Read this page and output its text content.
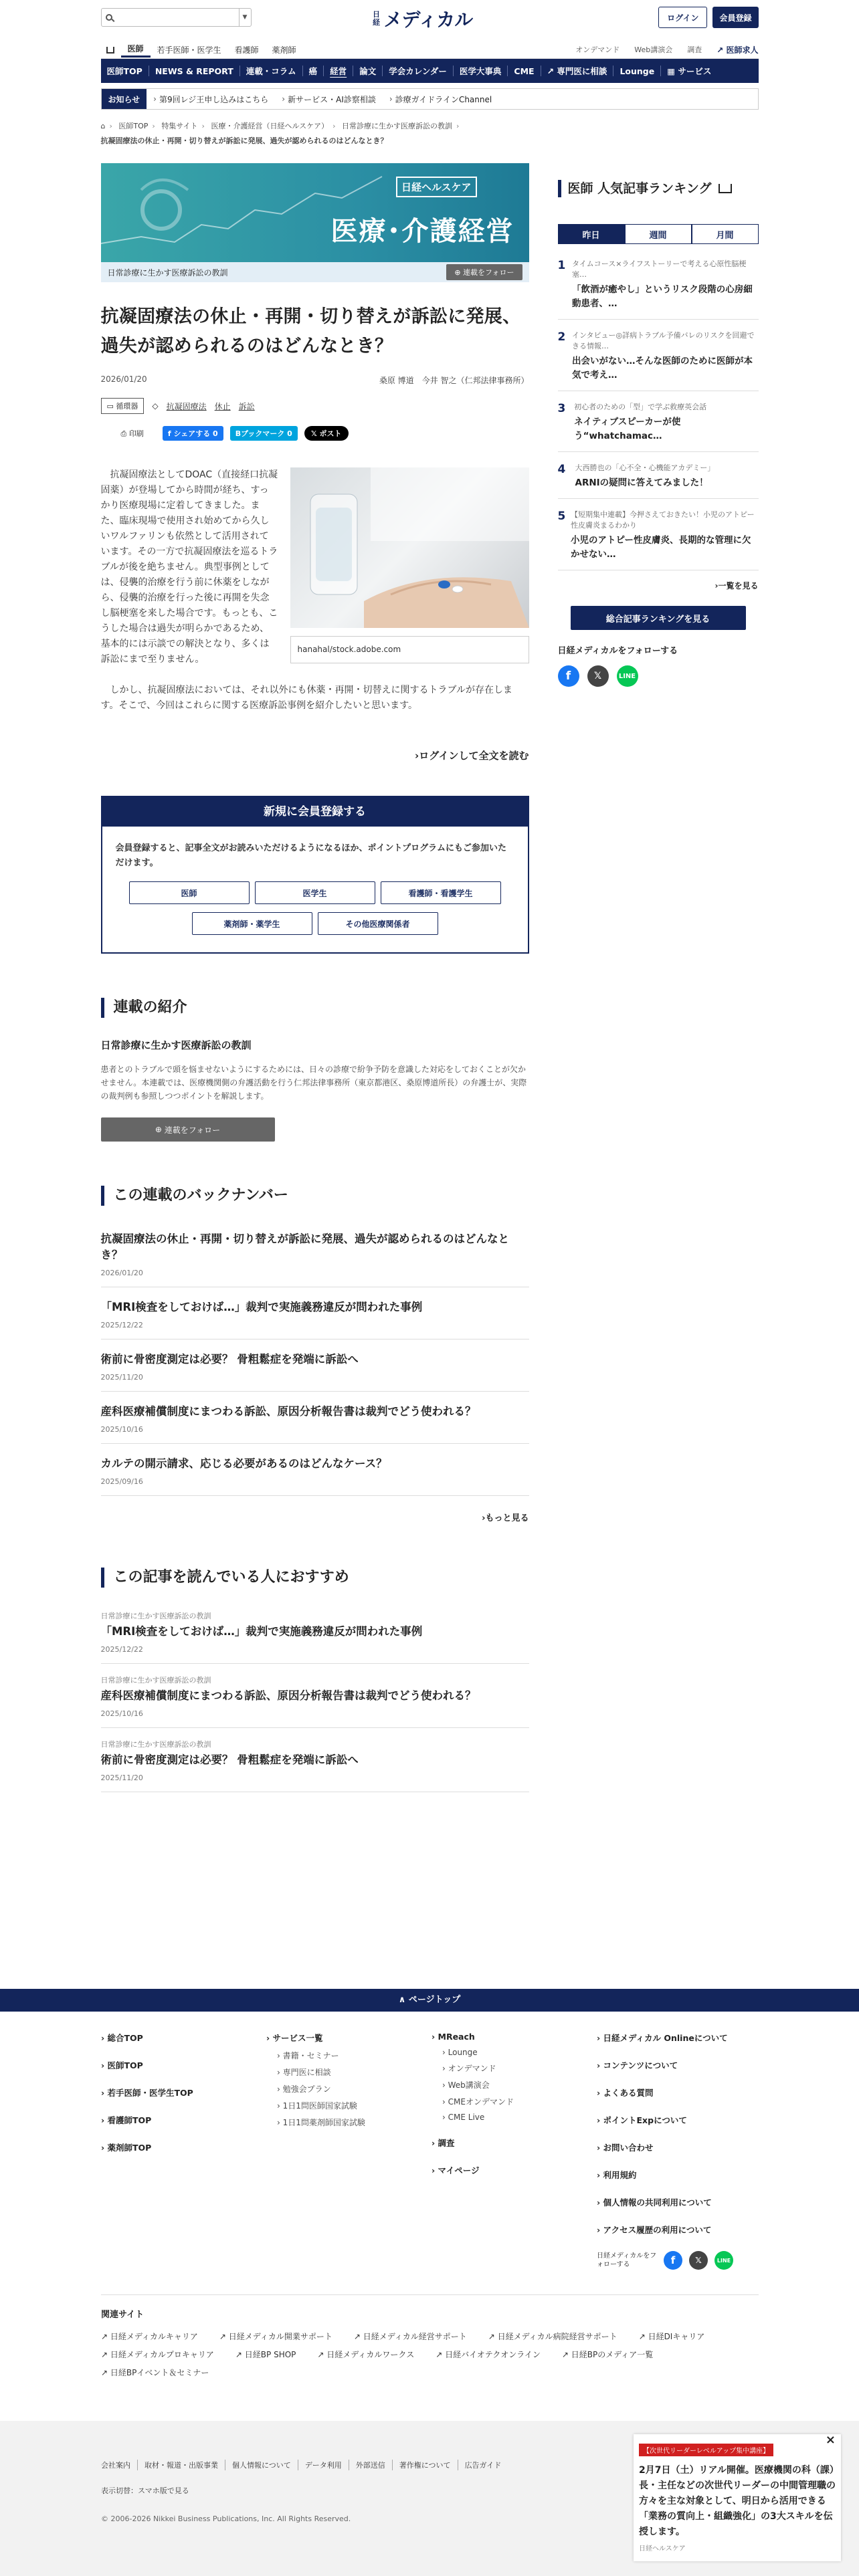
▼	日経 メディカル	ログイン	会員登録
医師	若手医師・医学生	看護師	薬剤師	オンデマンド Web講演会 調査 ↗ 医師求人
医師TOP	NEWS & REPORT	連載・コラム	癌	経営	論文	学会カレンダー	医学大事典	CME	↗ 専門医に相談	Lounge	▦ サービス
お知らせ	› 第9回レジ王申し込みはこちら › 新サービス・AI診察相談 › 診療ガイドラインChannel
⌂ › 医師TOP › 特集サイト › 医療・介護経営（日経ヘルスケア） › 日常診療に生かす医療訴訟の教訓 ›
抗凝固療法の休止・再開・切り替えが訴訟に発展、過失が認められるのはどんなとき？
日経ヘルスケア
医療･介護経営
日常診療に生かす医療訴訟の教訓	⊕ 連載をフォロー
抗凝固療法の休止・再開・切り替えが訴訟に発展、過失が認められるのはどんなとき？
2026/01/20	桑原 博道　今井 智之（仁邦法律事務所）
▭ 循環器	◇ 抗凝固療法 休止 訴訟
⎙ 印刷	f シェアする 0	Bブックマーク 0	𝕏 ポスト
hanahal/stock.adobe.com

抗凝固療法としてDOAC（直接経口抗凝固薬）が登場してから時間が経ち、すっかり医療現場に定着してきました。また、臨床現場で使用され始めてから久しいワルファリンも依然として活用されています。その一方で抗凝固療法を巡るトラブルが後を絶ちません。典型事例としては、侵襲的治療を行う前に休薬をしながら、侵襲的治療を行った後に再開を失念し脳梗塞を来した場合です。もっとも、こうした場合は過失が明らかであるため、基本的には示談での解決となり、多くは訴訟にまで至りません。

しかし、抗凝固療法においては、それ以外にも休薬・再開・切替えに関するトラブルが存在します。そこで、今回はこれらに関する医療訴訟事例を紹介したいと思います。

›ログインして全文を読む
新規に会員登録する
会員登録すると、記事全文がお読みいただけるようになるほか、ポイントプログラムにもご参加いただけます。
医師	医学生	看護師・看護学生
薬剤師・薬学生	その他医療関係者
連載の紹介
日常診療に生かす医療訴訟の教訓
患者とのトラブルで頭を悩ませないようにするためには、日々の診療で紛争予防を意識した対応をしておくことが欠かせません。本連載では、医療機関側の弁護活動を行う仁邦法律事務所（東京都港区、桑原博道所長）の弁護士が、実際の裁判例も参照しつつポイントを解説します。
⊕
連載をフォロー
この連載のバックナンバー
抗凝固療法の休止・再開・切り替えが訴訟に発展、過失が認められるのはどんなとき？
2026/01/20
「MRI検査をしておけば…」裁判で実施義務違反が問われた事例
2025/12/22
術前に骨密度測定は必要？ 骨粗鬆症を発端に訴訟へ
2025/11/20
産科医療補償制度にまつわる訴訟、原因分析報告書は裁判でどう使われる？
2025/10/16
カルテの開示請求、応じる必要があるのはどんなケース？
2025/09/16
›もっと見る
この記事を読んでいる人におすすめ
日常診療に生かす医療訴訟の教訓
「MRI検査をしておけば…」裁判で実施義務違反が問われた事例
2025/12/22
日常診療に生かす医療訴訟の教訓
産科医療補償制度にまつわる訴訟、原因分析報告書は裁判でどう使われる？
2025/10/16
日常診療に生かす医療訴訟の教訓
術前に骨密度測定は必要？ 骨粗鬆症を発端に訴訟へ
2025/11/20
医師 人気記事ランキング
昨日	週間	月間
1 タイムコース×ライフストーリーで考える心原性脳梗塞…
「飲酒が癒やし」というリスク段階の心房細動患者、…
2 インタビュー◎詳病トラブル予備バレのリスクを回避できる情報…
出会いがない…そんな医師のために医師が本気で考え…
3	初心者のための「型」で学ぶ救療英会話
ネイティブスピーカーが使う“whatchamac…
4	大西勝也の「心不全・心機能アカデミー」
ARNIの疑問に答えてみました！
5 【短期集中連載】今押さえておきたい！小児のアトピー性皮膚炎まるわかり
小児のアトピー性皮膚炎、長期的な管理に欠かせない…
›一覧を見る
総合記事ランキングを見る
日経メディカルをフォローする
f	𝕏	LINE
∧ ページトップ
› 総合TOP
› 医師TOP
› 若手医師・医学生TOP
› 看護師TOP
› 薬剤師TOP
› サービス一覧
› 書籍・セミナー
› 専門医に相談
› 勉強会プラン
› 1日1問医師国家試験
› 1日1問薬剤師国家試験
› MReach
› Lounge
› オンデマンド
› Web講演会
› CMEオンデマンド
› CME Live
› 調査
› マイページ
› 日経メディカル Onlineについて
› コンテンツについて
› よくある質問
› ポイントExpについて
› お問い合わせ
› 利用規約
› 個人情報の共同利用について
› アクセス履歴の利用について
日経メディカルをフォローする	f	𝕏	LINE
関連サイト
↗ 日経メディカルキャリア	↗ 日経メディカル開業サポート	↗ 日経メディカル経営サポート	↗ 日経メディカル病院経営サポート	↗ 日経DIキャリア
↗ 日経メディカルプロキャリア	↗ 日経BP SHOP	↗ 日経メディカルワークス	↗ 日経バイオテクオンライン	↗ 日経BPのメディア一覧
↗ 日経BPイベント＆セミナー
会社案内	取材・報道・出版事業	個人情報について	データ利用	外部送信	著作権について	広告ガイド
表示切替：スマホ版で見る
© 2006-2026 Nikkei Business Publications, Inc. All Rights Reserved.
×
【次世代リーダーレベルアップ集中講座】
2月7日（土）リアル開催。医療機関の科（課）長・主任などの次世代リーダーの中間管理職の方々を主な対象として、明日から活用できる「業務の質向上・組織強化」の3大スキルを伝授します。
日経ヘルスケア
